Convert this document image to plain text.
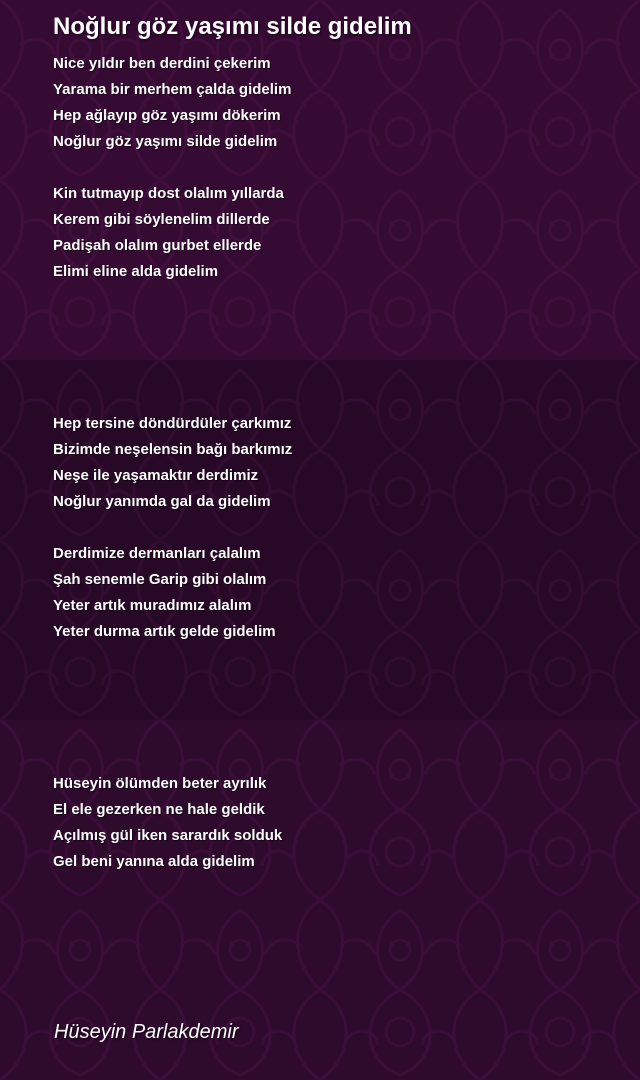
Noğlur göz yaşımı silde gidelim
Nice yıldır ben derdini çekerim
Yarama bir merhem çalda gidelim
Hep ağlayıp göz yaşımı dökerim
Noğlur göz yaşımı silde gidelim
Kin tutmayıp dost olalım yıllarda
Kerem gibi söylenelim dillerde
Padişah olalım gurbet ellerde
Elimi eline alda gidelim
Hep tersine döndürdüler çarkımız
Bizimde neşelensin bağı barkımız
Neşe ile yaşamaktır derdimiz
Noğlur yanımda gal da gidelim
Derdimize dermanları çalalım
Şah senemle Garip gibi olalım
Yeter artık muradımız alalım
Yeter durma artık gelde gidelim
Hüseyin ölümden beter ayrılık
El ele gezerken ne hale geldik
Açılmış gül iken sarardık solduk
Gel beni yanına alda gidelim
Hüseyin Parlakdemir
